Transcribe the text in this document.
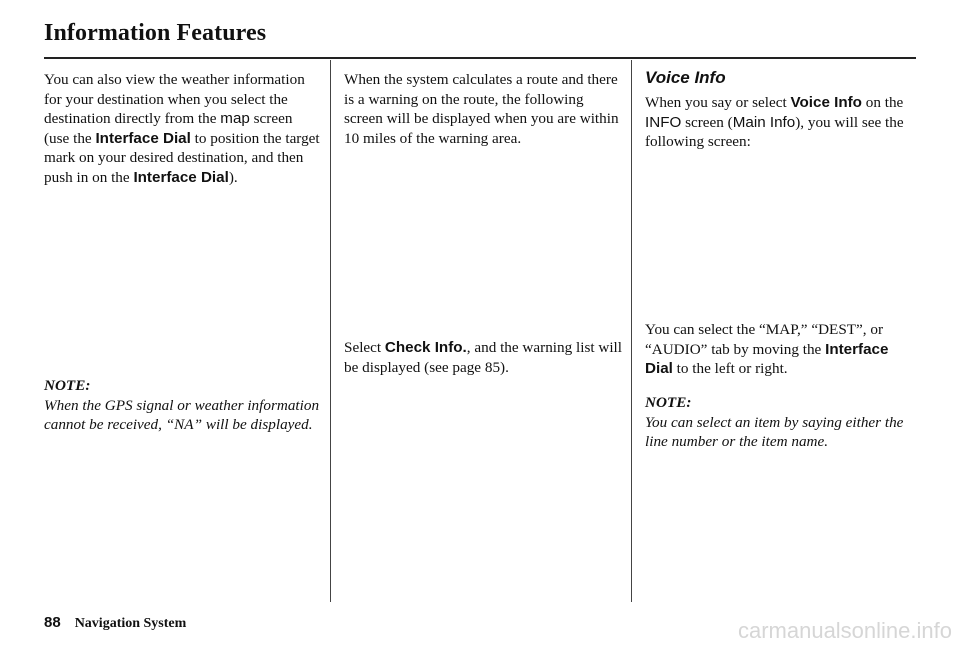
Information Features

You can also view the weather information for your destination when you select the destination directly from the map screen (use the Interface Dial to position the target mark on your desired destination, and then push in on the Interface Dial).

NOTE:

When the GPS signal or weather information cannot be received, “NA” will be displayed.

When the system calculates a route and there is a warning on the route, the following screen will be displayed when you are within 10 miles of the warning area.

Select Check Info., and the warning list will be displayed (see page 85).

Voice Info

When you say or select Voice Info on the INFO screen (Main Info), you will see the following screen:

You can select the “MAP,” “DEST”, or “AUDIO” tab by moving the Interface Dial to the left or right.

NOTE:

You can select an item by saying either the line number or the item name.

88 Navigation System	carmanualsonline.info
